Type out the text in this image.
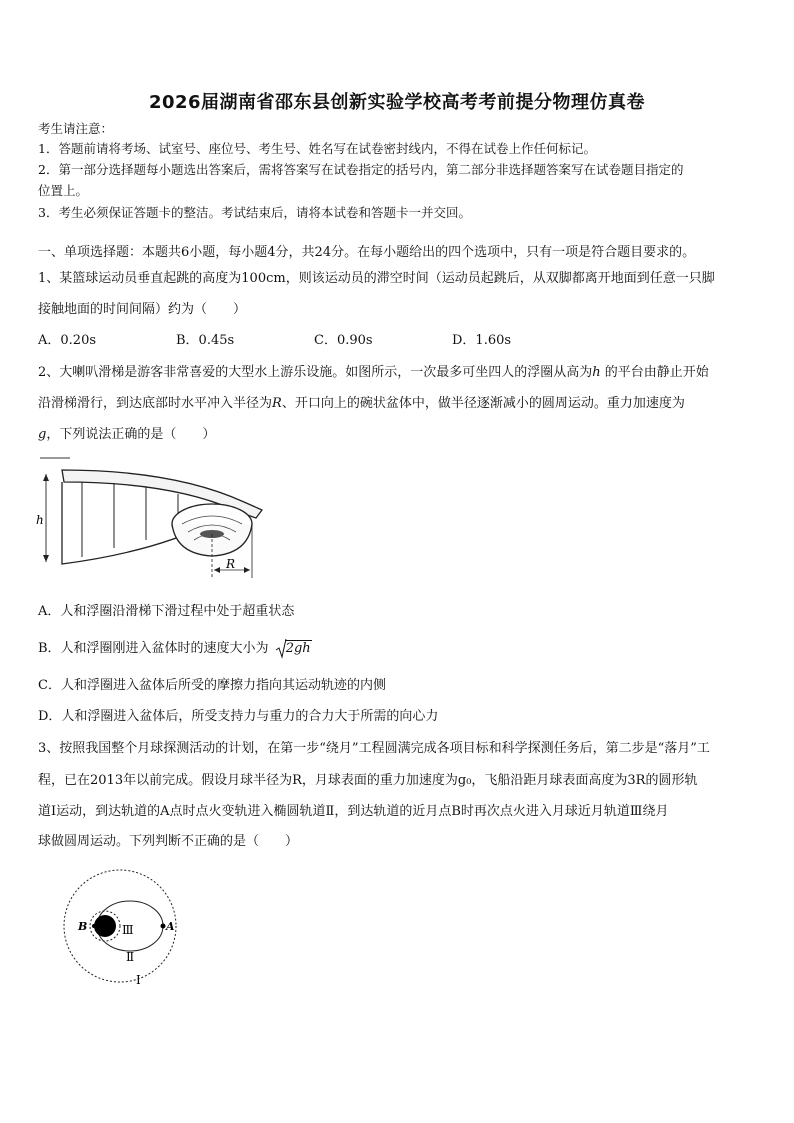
2026届湖南省邵东县创新实验学校高考考前提分物理仿真卷
考生请注意：
1．答题前请将考场、试室号、座位号、考生号、姓名写在试卷密封线内，不得在试卷上作任何标记。
2．第一部分选择题每小题选出答案后，需将答案写在试卷指定的括号内，第二部分非选择题答案写在试卷题目指定的
位置上。
3．考生必须保证答题卡的整洁。考试结束后，请将本试卷和答题卡一并交回。
一、单项选择题：本题共6小题，每小题4分，共24分。在每小题给出的四个选项中，只有一项是符合题目要求的。
1、某篮球运动员垂直起跳的高度为100cm，则该运动员的滞空时间（运动员起跳后，从双脚都离开地面到任意一只脚
接触地面的时间间隔）约为（　　）
A．0.20s	B．0.45s	C．0.90s	D．1.60s
2、大喇叭滑梯是游客非常喜爱的大型水上游乐设施。如图所示，一次最多可坐四人的浮圈从高为h 的平台由静止开始
沿滑梯滑行，到达底部时水平冲入半径为R、开口向上的碗状盆体中，做半径逐渐减小的圆周运动。重力加速度为
g，下列说法正确的是（　　）
R
h
A．人和浮圈沿滑梯下滑过程中处于超重状态
B．人和浮圈刚进入盆体时的速度大小为 2gh
C．人和浮圈进入盆体后所受的摩擦力指向其运动轨迹的内侧
D．人和浮圈进入盆体后，所受支持力与重力的合力大于所需的向心力
3、按照我国整个月球探测活动的计划，在第一步“绕月”工程圆满完成各项目标和科学探测任务后，第二步是“落月”工
程，已在2013年以前完成。假设月球半径为R，月球表面的重力加速度为g₀，飞船沿距月球表面高度为3R的圆形轨
道Ⅰ运动，到达轨道的A点时点火变轨进入椭圆轨道Ⅱ，到达轨道的近月点B时再次点火进入月球近月轨道Ⅲ绕月
球做圆周运动。下列判断不正确的是（　　）
B	A
Ⅲ
Ⅱ
Ⅰ
